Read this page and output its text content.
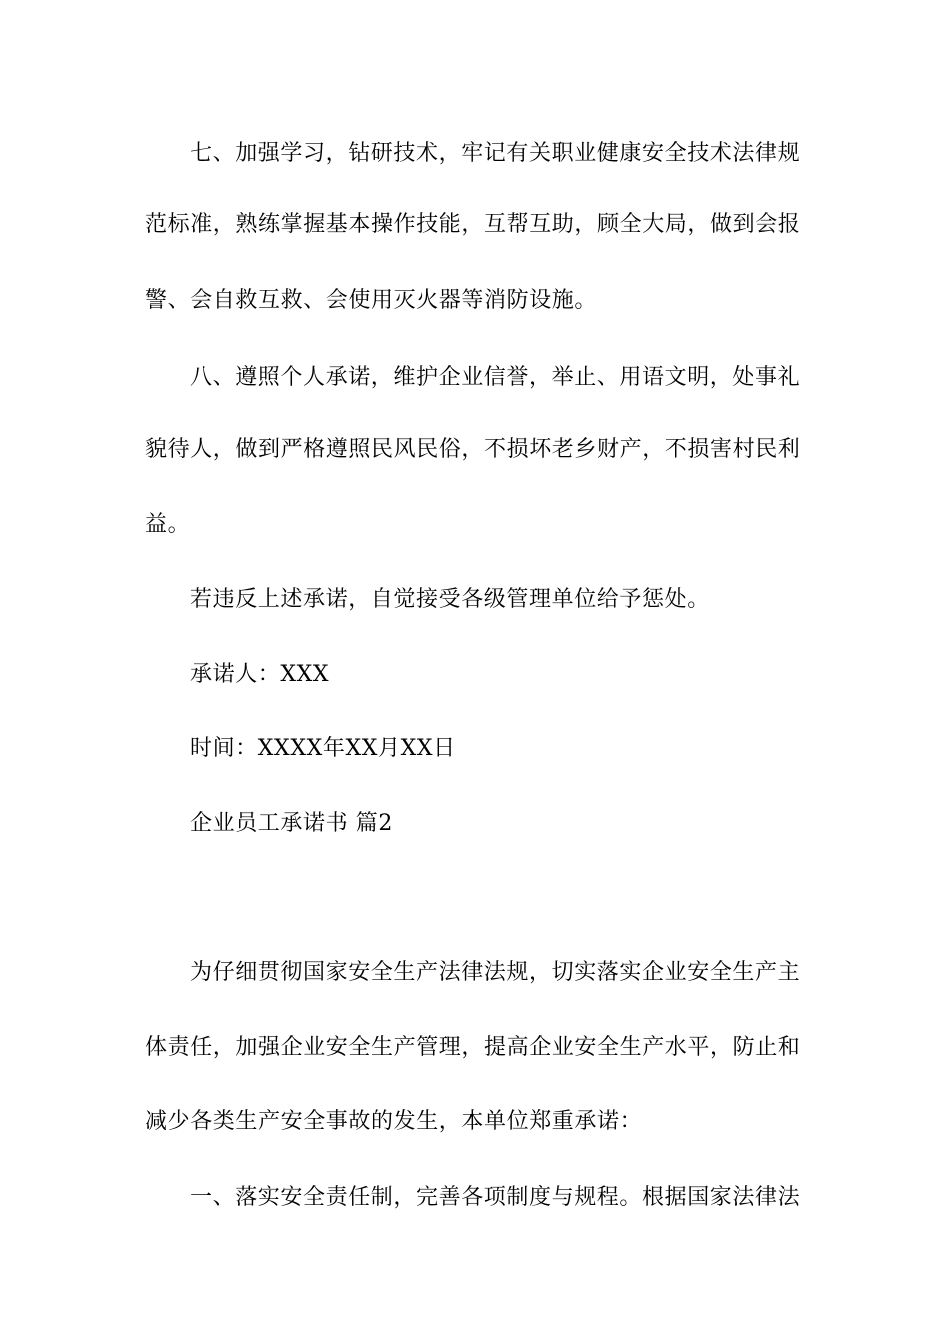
七、加强学习，钻研技术，牢记有关职业健康安全技术法律规
范标准，熟练掌握基本操作技能，互帮互助，顾全大局，做到会报
警、会自救互救、会使用灭火器等消防设施。
八、遵照个人承诺，维护企业信誉，举止、用语文明，处事礼
貌待人，做到严格遵照民风民俗，不损坏老乡财产，不损害村民利
益。
若违反上述承诺，自觉接受各级管理单位给予惩处。
承诺人：XXX
时间：XXXX年XX月XX日
企业员工承诺书 篇2
为仔细贯彻国家安全生产法律法规，切实落实企业安全生产主
体责任，加强企业安全生产管理，提高企业安全生产水平，防止和
减少各类生产安全事故的发生，本单位郑重承诺：
一、落实安全责任制，完善各项制度与规程。根据国家法律法
